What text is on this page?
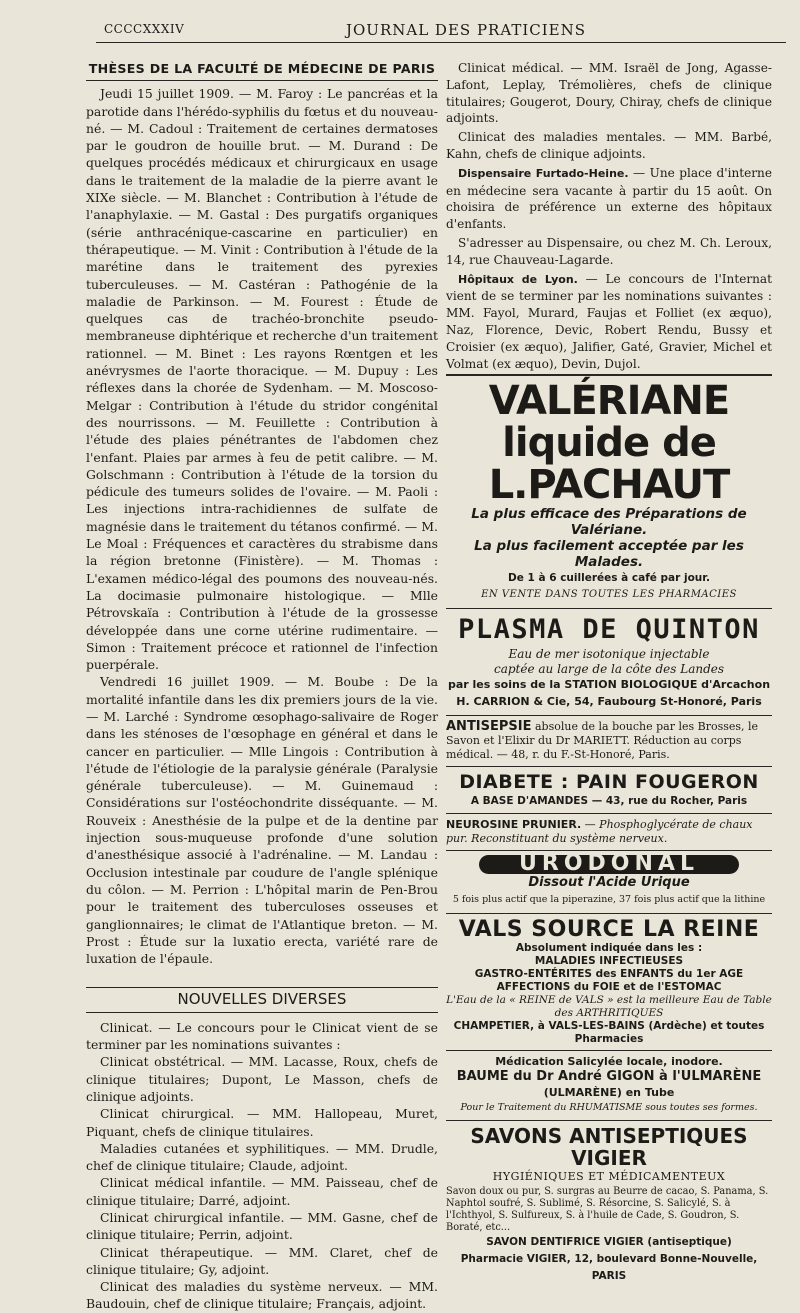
CCCCXXXIV	JOURNAL DES PRATICIENS
THÈSES DE LA FACULTÉ DE MÉDECINE DE PARIS

Jeudi 15 juillet 1909. — M. Faroy : Le pancréas et la parotide dans l'hérédo-syphilis du fœtus et du nouveau-né. — M. Cadoul : Traitement de certaines dermatoses par le goudron de houille brut. — M. Durand : De quelques procédés médicaux et chirurgicaux en usage dans le traitement de la maladie de la pierre avant le XIXe siècle. — M. Blanchet : Contribution à l'étude de l'anaphylaxie. — M. Gastal : Des purgatifs organiques (série anthracénique-cascarine en particulier) en thérapeutique. — M. Vinit : Contribution à l'étude de la marétine dans le traitement des pyrexies tuberculeuses. — M. Castéran : Pathogénie de la maladie de Parkinson. — M. Fourest : Étude de quelques cas de trachéo-bronchite pseudo-membraneuse diphtérique et recherche d'un traitement rationnel. — M. Binet : Les rayons Rœntgen et les anévrysmes de l'aorte thoracique. — M. Dupuy : Les réflexes dans la chorée de Sydenham. — M. Moscoso-Melgar : Contribution à l'étude du stridor congénital des nourrissons. — M. Feuillette : Contribution à l'étude des plaies pénétrantes de l'abdomen chez l'enfant. Plaies par armes à feu de petit calibre. — M. Golschmann : Contribution à l'étude de la torsion du pédicule des tumeurs solides de l'ovaire. — M. Paoli : Les injections intra-rachidiennes de sulfate de magnésie dans le traitement du tétanos confirmé. — M. Le Moal : Fréquences et caractères du strabisme dans la région bretonne (Finistère). — M. Thomas : L'examen médico-légal des poumons des nouveau-nés. La docimasie pulmonaire histologique. — Mlle Pétrovskaïa : Contribution à l'étude de la grossesse développée dans une corne utérine rudimentaire. — Simon : Traitement précoce et rationnel de l'infection puerpérale.

Vendredi 16 juillet 1909. — M. Boube : De la mortalité infantile dans les dix premiers jours de la vie. — M. Larché : Syndrome œsophago-salivaire de Roger dans les sténoses de l'œsophage en général et dans le cancer en particulier. — Mlle Lingois : Contribution à l'étude de l'étiologie de la paralysie générale (Paralysie générale tuberculeuse). — M. Guinemaud : Considérations sur l'ostéochondrite disséquante. — M. Rouveix : Anesthésie de la pulpe et de la dentine par injection sous-muqueuse profonde d'une solution d'anesthésique associé à l'adrénaline. — M. Landau : Occlusion intestinale par coudure de l'angle splénique du côlon. — M. Perrion : L'hôpital marin de Pen-Brou pour le traitement des tuberculoses osseuses et ganglionnaires; le climat de l'Atlantique breton. — M. Prost : Étude sur la luxatio erecta, variété rare de luxation de l'épaule.

NOUVELLES DIVERSES

Clinicat. — Le concours pour le Clinicat vient de se terminer par les nominations suivantes :

Clinicat obstétrical. — MM. Lacasse, Roux, chefs de clinique titulaires; Dupont, Le Masson, chefs de clinique adjoints.

Clinicat chirurgical. — MM. Hallopeau, Muret, Piquant, chefs de clinique titulaires.

Maladies cutanées et syphilitiques. — MM. Drudle, chef de clinique titulaire; Claude, adjoint.

Clinicat médical infantile. — MM. Paisseau, chef de clinique titulaire; Darré, adjoint.

Clinicat chirurgical infantile. — MM. Gasne, chef de clinique titulaire; Perrin, adjoint.

Clinicat thérapeutique. — MM. Claret, chef de clinique titulaire; Gy, adjoint.

Clinicat des maladies du système nerveux. — MM. Baudouin, chef de clinique titulaire; Français, adjoint.

Clinicat médical. — MM. Israël de Jong, Agasse-Lafont, Leplay, Trémolières, chefs de clinique titulaires; Gougerot, Doury, Chiray, chefs de clinique adjoints.
Clinicat des maladies mentales. — MM. Barbé, Kahn, chefs de clinique adjoints.
Dispensaire Furtado-Heine. — Une place d'interne en médecine sera vacante à partir du 15 août. On choisira de préférence un externe des hôpitaux d'enfants.
S'adresser au Dispensaire, ou chez M. Ch. Leroux, 14, rue Chauveau-Lagarde.
Hôpitaux de Lyon. — Le concours de l'Internat vient de se terminer par les nominations suivantes : MM. Fayol, Murard, Faujas et Folliet (ex æquo), Naz, Florence, Devic, Robert Rendu, Bussy et Croisier (ex æquo), Jalifier, Gaté, Gravier, Michel et Volmat (ex æquo), Devin, Dujol.
VALÉRIANE liquide de L.PACHAUT
La plus efficace des Préparations de Valériane.
La plus facilement acceptée par les Malades.
De 1 à 6 cuillerées à café par jour.
EN VENTE DANS TOUTES LES PHARMACIES
PLASMA DE QUINTON
Eau de mer isotonique injectable
captée au large de la côte des Landes
par les soins de la STATION BIOLOGIQUE d'Arcachon
H. CARRION & Cie, 54, Faubourg St-Honoré, Paris
ANTISEPSIE absolue de la bouche par les Brosses, le Savon et l'Elixir du Dr MARIETT. Réduction au corps médical. — 48, r. du F.-St-Honoré, Paris.
DIABETE : PAIN FOUGERON
A BASE D'AMANDES — 43, rue du Rocher, Paris
NEUROSINE PRUNIER. — Phosphoglycérate de chaux pur. Reconstituant du système nerveux.
URODONAL
Dissout l'Acide Urique
5 fois plus actif que la piperazine, 37 fois plus actif que la lithine
VALS SOURCE LA REINE
Absolument indiquée dans les :
MALADIES INFECTIEUSES
GASTRO-ENTÉRITES des ENFANTS du 1er AGE
AFFECTIONS du FOIE et de l'ESTOMAC
L'Eau de la « REINE de VALS » est la meilleure Eau de Table des ARTHRITIQUES
CHAMPETIER, à VALS-LES-BAINS (Ardèche) et toutes Pharmacies
Médication Salicylée locale, inodore.
BAUME du Dr André GIGON à l'ULMARÈNE
(ULMARÈNE) en Tube
Pour le Traitement du RHUMATISME sous toutes ses formes.
SAVONS ANTISEPTIQUES VIGIER
HYGIÉNIQUES ET MÉDICAMENTEUX
Savon doux ou pur, S. surgras au Beurre de cacao, S. Panama, S. Naphtol soufré, S. Sublimé, S. Résorcine, S. Salicylé, S. à l'Ichthyol, S. Sulfureux, S. à l'huile de Cade, S. Goudron, S. Boraté, etc...
SAVON DENTIFRICE VIGIER (antiseptique)
Pharmacie VIGIER, 12, boulevard Bonne-Nouvelle, PARIS
